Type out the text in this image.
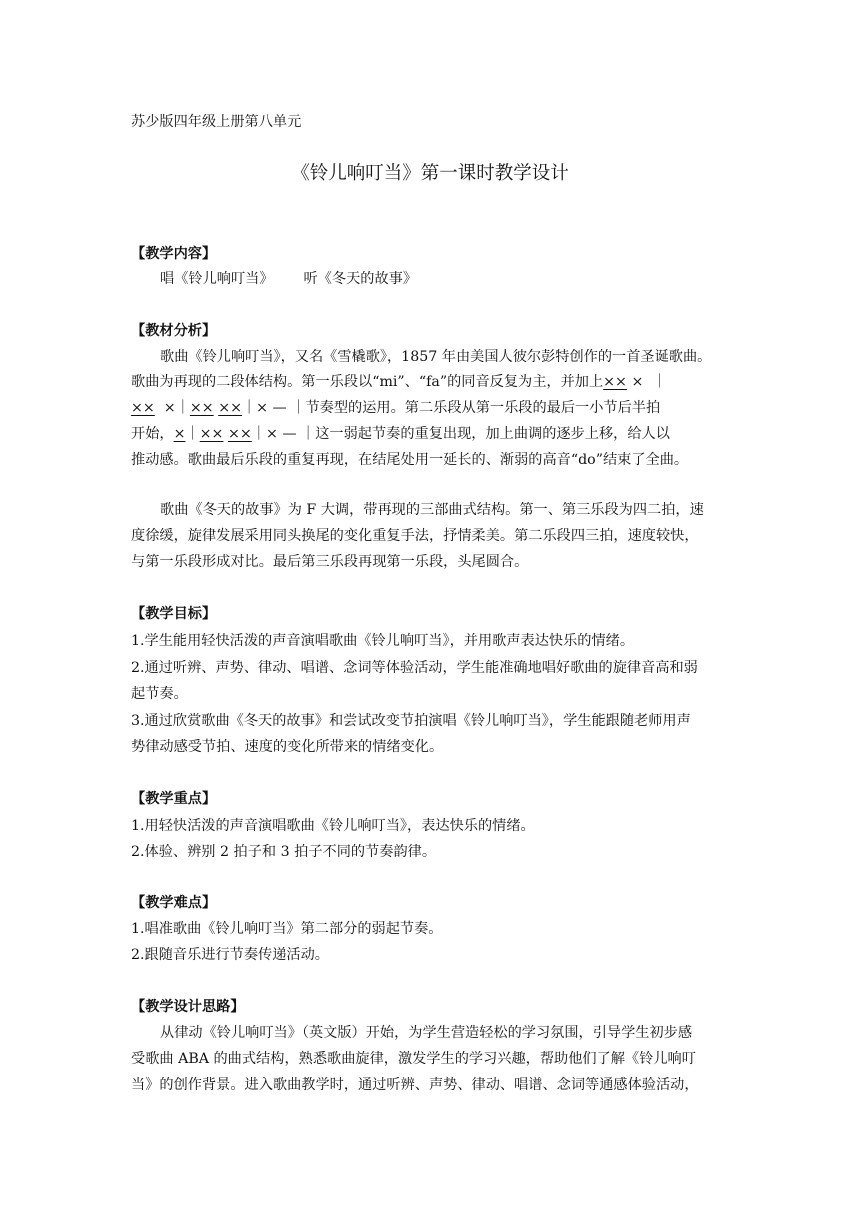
苏少版四年级上册第八单元
《铃儿响叮当》第一课时教学设计
【教学内容】
唱《铃儿响叮当》 听《冬天的故事》
【教材分析】
歌曲《铃儿响叮当》，又名《雪橇歌》，1857 年由美国人彼尔彭特创作的一首圣诞歌曲。
歌曲为再现的二段体结构。第一乐段以“mi”、“fa”的同音反复为主，并加上×× ×  ｜
××  ×｜×× ××｜× — ｜节奏型的运用。第二乐段从第一乐段的最后一小节后半拍
开始，×｜×× ××｜× — ｜这一弱起节奏的重复出现，加上曲调的逐步上移，给人以
推动感。歌曲最后乐段的重复再现，在结尾处用一延长的、渐弱的高音“do”结束了全曲。
歌曲《冬天的故事》为 F 大调，带再现的三部曲式结构。第一、第三乐段为四二拍，速
度徐缓，旋律发展采用同头换尾的变化重复手法，抒情柔美。第二乐段四三拍，速度较快，
与第一乐段形成对比。最后第三乐段再现第一乐段，头尾圆合。
【教学目标】
1.学生能用轻快活泼的声音演唱歌曲《铃儿响叮当》，并用歌声表达快乐的情绪。
2.通过听辨、声势、律动、唱谱、念词等体验活动，学生能准确地唱好歌曲的旋律音高和弱
起节奏。
3.通过欣赏歌曲《冬天的故事》和尝试改变节拍演唱《铃儿响叮当》，学生能跟随老师用声
势律动感受节拍、速度的变化所带来的情绪变化。
【教学重点】
1.用轻快活泼的声音演唱歌曲《铃儿响叮当》，表达快乐的情绪。
2.体验、辨别 2 拍子和 3 拍子不同的节奏韵律。
【教学难点】
1.唱准歌曲《铃儿响叮当》第二部分的弱起节奏。
2.跟随音乐进行节奏传递活动。
【教学设计思路】
从律动《铃儿响叮当》（英文版）开始，为学生营造轻松的学习氛围，引导学生初步感
受歌曲 ABA 的曲式结构，熟悉歌曲旋律，激发学生的学习兴趣，帮助他们了解《铃儿响叮
当》的创作背景。进入歌曲教学时，通过听辨、声势、律动、唱谱、念词等通感体验活动，
